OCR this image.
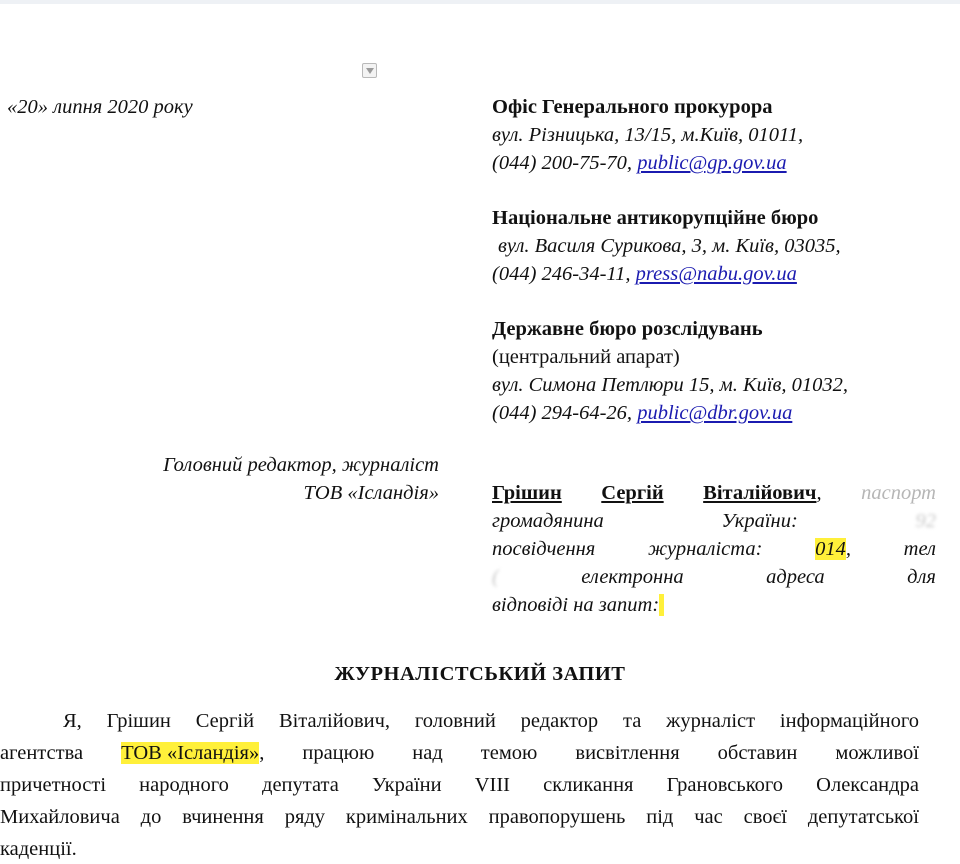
«20» липня 2020 року	Офіс Генерального прокурора
вул. Різницька, 13/15, м.Київ, 01011,
(044) 200-75-70, public@gp.gov.ua
Національне антикорупційне бюро
вул. Василя Сурикова, 3, м. Київ, 03035,
(044) 246-34-11, press@nabu.gov.ua
Державне бюро розслідувань
(центральний апарат)
вул. Симона Петлюри 15, м. Київ, 01032,
(044) 294-64-26, public@dbr.gov.ua
Головний редактор, журналіст
ТОВ «Ісландія»	Грішин Сергій Віталійович, паспорт
громадянина	України:	92
посвідчення	журналіста:	014,	тел
(	електронна	адреса	для
відповіді на запит:
ЖУРНАЛІСТСЬКИЙ ЗАПИТ
Я, Грішин Сергій Віталійович, головний редактор та журналіст інформаційного
агентства ТОВ «Ісландія», працюю над темою висвітлення обставин можливої
причетності народного депутата України VIII скликання Грановського Олександра
Михайловича до вчинення ряду кримінальних правопорушень під час своєї депутатської
каденції.
